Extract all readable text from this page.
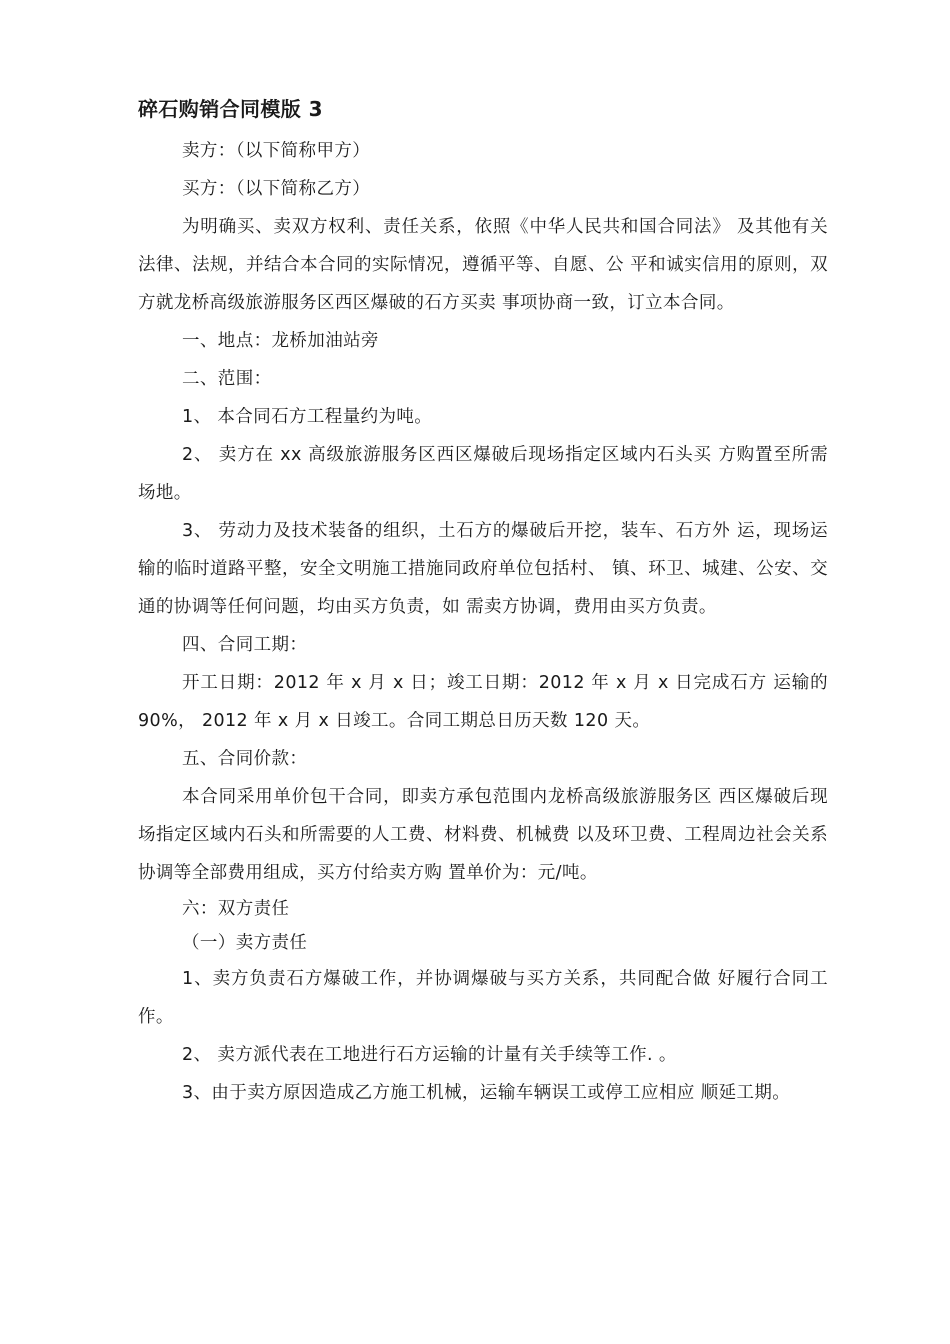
碎石购销合同模版 3

卖方：（以下简称甲方）

买方：（以下简称乙方）

为明确买、卖双方权利、责任关系，依照《中华人民共和国合同法》 及其他有关法律、法规，并结合本合同的实际情况，遵循平等、自愿、公 平和诚实信用的原则，双方就龙桥高级旅游服务区西区爆破的石方买卖 事项协商一致，订立本合同。

一、地点：龙桥加油站旁

二、范围：

1、 本合同石方工程量约为吨。

2、 卖方在 xx 高级旅游服务区西区爆破后现场指定区域内石头买 方购置至所需场地。

3、 劳动力及技术装备的组织，土石方的爆破后开挖，装车、石方外 运，现场运输的临时道路平整，安全文明施工措施同政府单位包括村、 镇、环卫、城建、公安、交通的协调等任何问题，均由买方负责，如 需卖方协调，费用由买方负责。

四、合同工期：

开工日期：2012 年 x 月 x 日；竣工日期：2012 年 x 月 x 日完成石方 运输的 90%， 2012 年 x 月 x 日竣工。合同工期总日历天数 120 天。

五、合同价款：

本合同采用单价包干合同，即卖方承包范围内龙桥高级旅游服务区 西区爆破后现场指定区域内石头和所需要的人工费、材料费、机械费 以及环卫费、工程周边社会关系协调等全部费用组成，买方付给卖方购 置单价为：元/吨。

六：双方责任

（一）卖方责任

1、卖方负责石方爆破工作，并协调爆破与买方关系，共同配合做 好履行合同工作。

2、 卖方派代表在工地进行石方运输的计量有关手续等工作. 。

3、由于卖方原因造成乙方施工机械，运输车辆误工或停工应相应 顺延工期。
